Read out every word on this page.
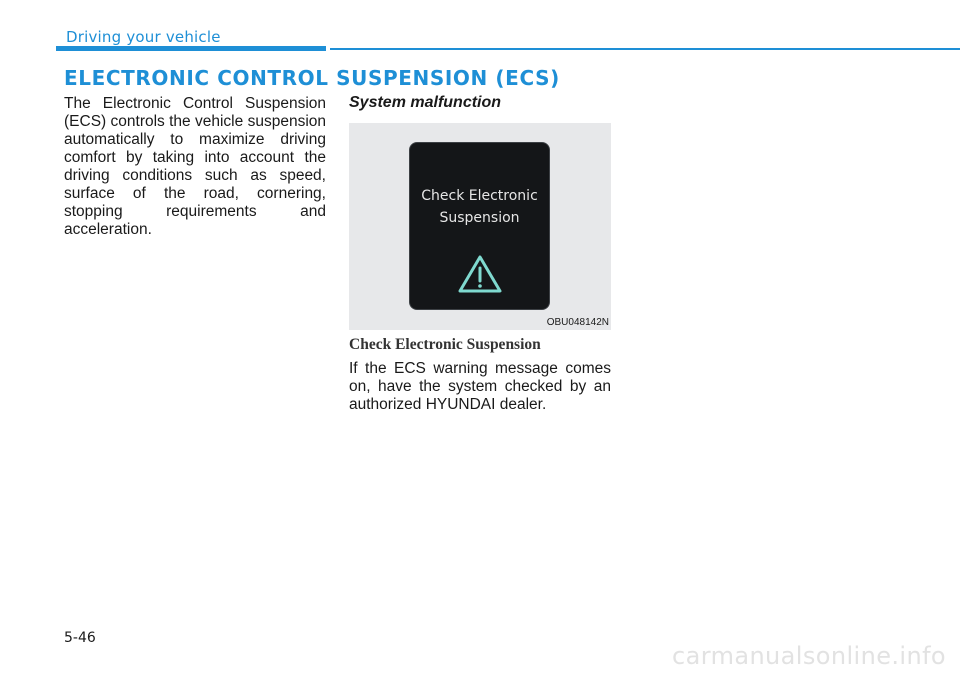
Driving your vehicle
ELECTRONIC CONTROL SUSPENSION (ECS)

The Electronic Control Suspension (ECS) controls the vehicle suspension automatically to maximize driving comfort by taking into account the driving conditions such as speed, surface of the road, cornering, stopping requirements and acceleration.

System malfunction
Check Electronic
Suspension
OBU048142N
Check Electronic Suspension

If the ECS warning message comes on, have the system checked by an authorized HYUNDAI dealer.

5-46
carmanualsonline.info
